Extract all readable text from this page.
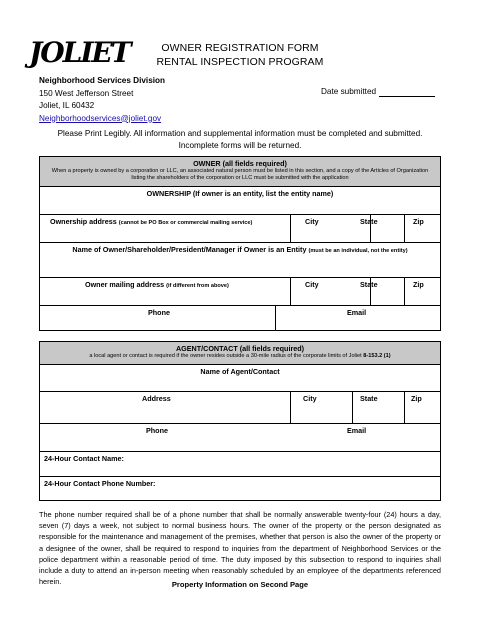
JOLIET	OWNER REGISTRATION FORM
RENTAL INSPECTION PROGRAM
Neighborhood Services Division
150 West Jefferson Street
Joliet, IL 60432
Neighborhoodservices@joliet.gov
Date submitted
Please Print Legibly. All information and supplemental information must be completed and submitted.
Incomplete forms will be returned.
OWNER (all fields required)
When a property is owned by a corporation or LLC, an associated natural person must be listed in this section, and a copy of the Articles of Organization listing the shareholders of the corporation or LLC must be submitted with the application
OWNERSHIP (If owner is an entity, list the entity name)
Ownership address (cannot be PO Box or commercial mailing service)	City	State	Zip
Name of Owner/Shareholder/President/Manager if Owner is an Entity (must be an individual, not the entity)
Owner mailing address (if different from above)	City	State	Zip
Phone	Email
AGENT/CONTACT (all fields required)
a local agent or contact is required if the owner resides outside a 30-mile radius of the corporate limits of Joliet 8-153.2 (1)
Name of Agent/Contact
Address	City	State	Zip
Phone	Email
24-Hour Contact Name:
24-Hour Contact Phone Number:
The phone number required shall be of a phone number that shall be normally answerable twenty-four (24) hours a day, seven (7) days a week, not subject to normal business hours. The owner of the property or the person designated as responsible for the maintenance and management of the premises, whether that person is also the owner of the property or a designee of the owner, shall be required to respond to inquiries from the department of Neighborhood Services or the police department within a reasonable period of time. The duty imposed by this subsection to respond to inquiries shall include a duty to attend an in-person meeting when reasonably scheduled by an employee of the departments referenced herein.	Property Information on Second Page
